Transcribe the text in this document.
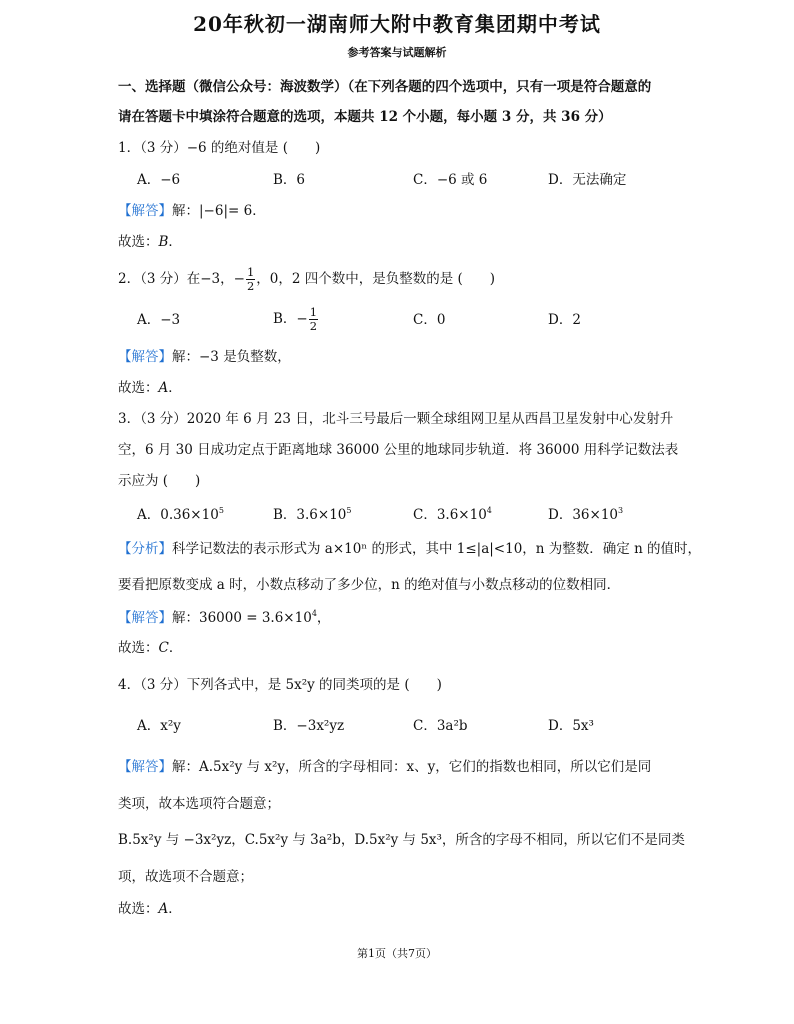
20年秋初一湖南师大附中教育集团期中考试
参考答案与试题解析
一、选择题（微信公众号：海波数学）（在下列各题的四个选项中，只有一项是符合题意的
请在答题卡中填涂符合题意的选项，本题共 12 个小题，每小题 3 分，共 36 分）
1．（3 分）−6 的绝对值是 (　　)
A．−6	B．6	C．−6 或 6	D．无法确定
【解答】解：|−6|= 6．
故选：B．
2．（3 分）在−3，− $\frac{1}{2}$ ，0，2 四个数中，是负整数的是 (　　)
A．−3	B．− $\frac{1}{2}$	C．0	D．2
【解答】解：−3 是负整数，
故选：A．
3．（3 分）2020 年 6 月 23 日，北斗三号最后一颗全球组网卫星从西昌卫星发射中心发射升
空，6 月 30 日成功定点于距离地球 36000 公里的地球同步轨道．将 36000 用科学记数法表
示应为 (　　)
A．$0.36\times 10^5$	B．$3.6\times 10^5$	C．$3.6\times 10^4$	D．$36\times 10^3$
【分析】科学记数法的表示形式为 a×10ⁿ 的形式，其中 1≤|a|<10，n 为整数．确定 n 的值时，
要看把原数变成 a 时，小数点移动了多少位，n 的绝对值与小数点移动的位数相同．
【解答】解：$36000 = 3.6\times 10^4$，
故选：C．
4．（3 分）下列各式中，是 5x²y 的同类项的是 (　　)
A．x²y	B．−3x²yz	C．3a²b	D．5x³
【解答】解：A.5x²y 与 x²y，所含的字母相同：x、y，它们的指数也相同，所以它们是同
类项，故本选项符合题意；
B.5x²y 与 −3x²yz，C.5x²y 与 3a²b，D.5x²y 与 5x³，所含的字母不相同，所以它们不是同类
项，故选项不合题意；
故选：A．
第1页（共7页）
